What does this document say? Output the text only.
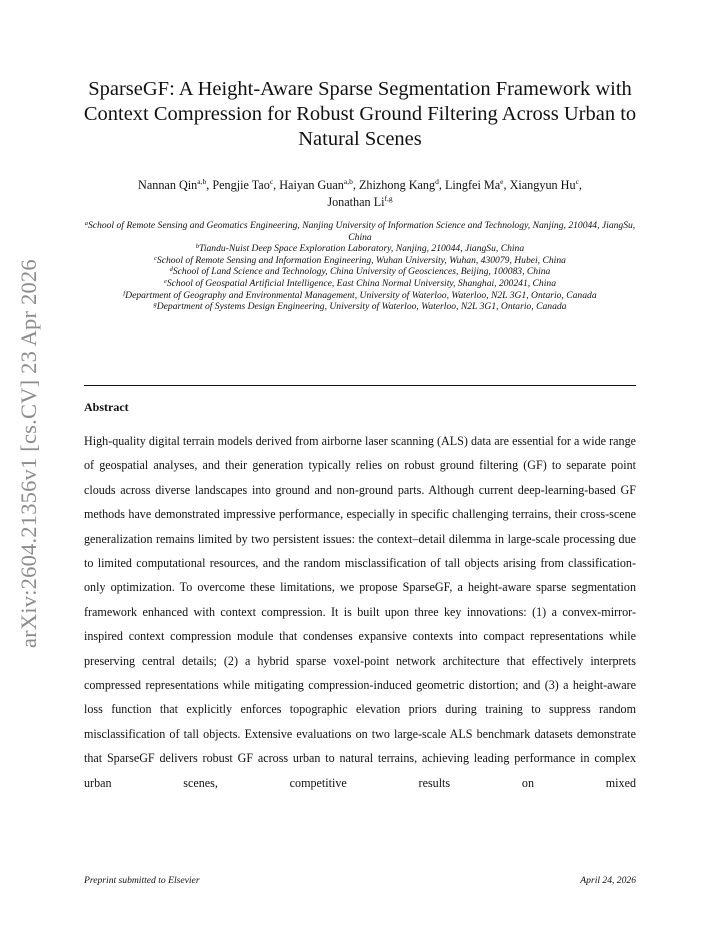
arXiv:2604.21356v1 [cs.CV] 23 Apr 2026
SparseGF: A Height-Aware Sparse Segmentation Framework with Context Compression for Robust Ground Filtering Across Urban to Natural Scenes
Nannan Qin$^{a,b}$, Pengjie Tao$^c$, Haiyan Guan$^{a,b}$, Zhizhong Kang$^d$, Lingfei Ma$^e$, Xiangyun Hu$^c$,
Jonathan Li$^{f,g}$
$^a$School of Remote Sensing and Geomatics Engineering, Nanjing University of Information Science and Technology, Nanjing, 210044, JiangSu, China
$^b$Tiandu-Nuist Deep Space Exploration Laboratory, Nanjing, 210044, JiangSu, China
$^c$School of Remote Sensing and Information Engineering, Wuhan University, Wuhan, 430079, Hubei, China
$^d$School of Land Science and Technology, China University of Geosciences, Beijing, 100083, China
$^e$School of Geospatial Artificial Intelligence, East China Normal University, Shanghai, 200241, China
$^f$Department of Geography and Environmental Management, University of Waterloo, Waterloo, N2L 3G1, Ontario, Canada
$^g$Department of Systems Design Engineering, University of Waterloo, Waterloo, N2L 3G1, Ontario, Canada
Abstract
High-quality digital terrain models derived from airborne laser scanning (ALS) data are essential for a wide range of geospatial analyses, and their generation typically relies on robust ground filtering (GF) to separate point clouds across diverse landscapes into ground and non-ground parts. Although current deep-learning-based GF methods have demonstrated impressive performance, especially in specific challenging terrains, their cross-scene generalization remains limited by two persistent issues: the context–detail dilemma in large-scale processing due to limited computational resources, and the random misclassification of tall objects arising from classification-only optimization. To overcome these limitations, we propose SparseGF, a height-aware sparse segmentation framework enhanced with context compression. It is built upon three key innovations: (1) a convex-mirror-inspired context compression module that condenses expansive contexts into compact representations while preserving central details; (2) a hybrid sparse voxel-point network architecture that effectively interprets compressed representations while mitigating compression-induced geometric distortion; and (3) a height-aware loss function that explicitly enforces topographic elevation priors during training to suppress random misclassification of tall objects. Extensive evaluations on two large-scale ALS benchmark datasets demonstrate that SparseGF delivers robust GF across urban to natural terrains, achieving leading performance in complex urban scenes, competitive results on mixed
Preprint submitted to Elsevier	April 24, 2026
